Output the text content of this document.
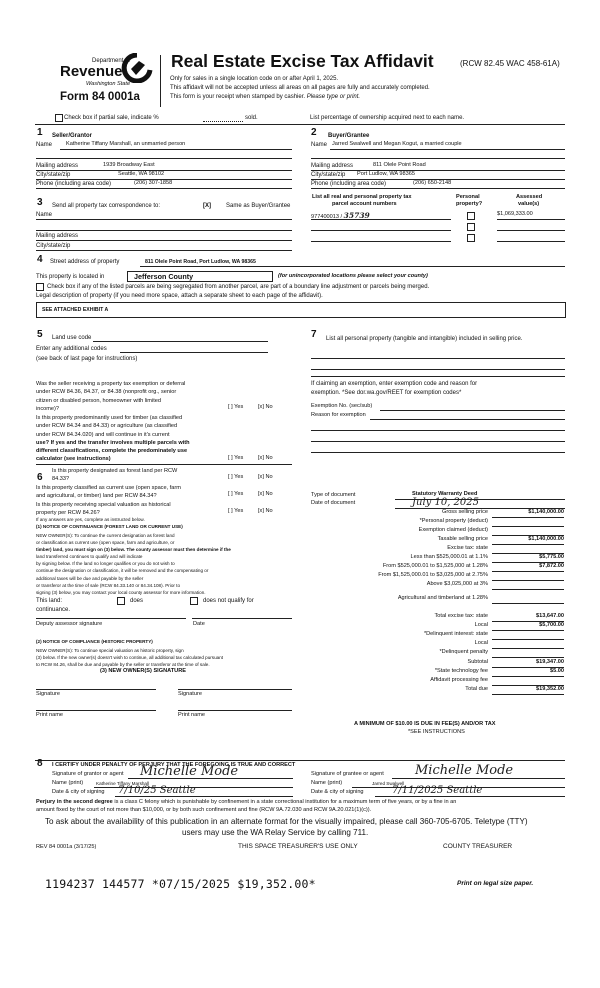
Department of
Revenue
Washington State
Form 84 0001a
Real Estate Excise Tax Affidavit	(RCW 82.45 WAC 458-61A)
Only for sales in a single location code on or after April 1, 2025.
This affidavit will not be accepted unless all areas on all pages are fully and accurately completed.
This form is your receipt when stamped by cashier. Please type or print.
Check box if partial sale, indicate %	sold.	List percentage of ownership acquired next to each name.
1 Seller/Grantor
Name Katherine Tiffany Marshall, an unmarried person
Mailing address	1939 Broadway East
City/state/zip	Seattle, WA 98102
Phone (including area code)	(206) 307-1858
2 Buyer/Grantee
Name Jarred Swalwell and Megan Kogut, a married couple
Mailing address	811 Olele Point Road
City/state/zip Port Ludlow, WA 98365
Phone (including area code)	(206) 650-2148
3 Send all property tax correspondence to:	[X]	Same as Buyer/Grantee
Name
Mailing address
City/state/zip
List all real and personal property tax
parcel account numbers
Personal
property?
Assessed
value(s)
977400013 / 35739	$1,069,333.00
4 Street address of property	811 Olele Point Road, Port Ludlow, WA 98365
This property is located in	Jefferson County	(for unincorporated locations please select your county)
Check box if any of the listed parcels are being segregated from another parcel, are part of a boundary line adjustment or parcels being merged.
Legal description of property (if you need more space, attach a separate sheet to each page of the affidavit).
SEE ATTACHED EXHIBIT A
5 Land use code
Enter any additional codes
(see back of last page for instructions)
7 List all personal property (tangible and intangible) included in selling price.
Was the seller receiving a property tax exemption or deferral
under RCW 84.36, 84.37, or 84.38 (nonprofit org., senior
citizen or disabled person, homeowner with limited
income)?	[ ] Yes	[x] No
Is this property predominantly used for timber (as classified
under RCW 84.34 and 84.33) or agriculture (as classified
under RCW 84.34.020) and will continue in it's current
use? If yes and the transfer involves multiple parcels with
different classifications, complete the predominately use
calculator (see instructions)	[ ] Yes	[x] No
6
Is this property designated as forest land per RCW
84.33?	[ ] Yes	[x] No
Is this property classified as current use (open space, farm
and agricultural, or timber) land per RCW 84.34?	[ ] Yes	[x] No
Is this property receiving special valuation as historical
property per RCW 84.26?	[ ] Yes	[x] No
If any answers are yes, complete as instructed below.
(1) NOTICE OF CONTINUANCE (FOREST LAND OR CURRENT USE)
NEW OWNER(S): To continue the current designation as forest land
or classification as current use (open space, farm and agriculture, or
timber) land, you must sign on (3) below. The county assessor must then determine if the
land transferred continues to qualify and will indicate
by signing below. If the land no longer qualifies or you do not wish to
continue the designation or classification, it will be removed and the compensating or
additional taxes will be due and payable by the seller
or transferor at the time of sale (RCW 84.33.140 or 84.34.108). Prior to
signing (3) below, you may contact your local county assessor for more information.
This land:	does	does not qualify for
continuance.
Deputy assessor signature	Date
(2) NOTICE OF COMPLIANCE (HISTORIC PROPERTY)
NEW OWNER(S): To continue special valuation as historic property, sign
(3) below. If the new owner(s) doesn't wish to continue, all additional tax calculated pursuant
to RCW 84.26, shall be due and payable by the seller or transferor at the time of sale.
(3) NEW OWNER(S) SIGNATURE
Signature	Signature
Print name	Print name
If claiming an exemption, enter exemption code and reason for
exemption. *See dor.wa.gov/REET for exemption codes*
Exemption No. (sec/sub)
Reason for exemption
Type of document	Statutory Warranty Deed
Date of document	July 10, 2025
Gross selling price	$1,140,000.00
*Personal property (deduct)
Exemption claimed (deduct)
Taxable selling price	$1,140,000.00
Excise tax: state
Less than $525,000.01 at 1.1%	$5,775.00
From $525,000.01 to $1,525,000 at 1.28%	$7,872.00
From $1,525,000.01 to $3,025,000 at 2.75%
Above $3,025,000 at 3%
Agricultural and timberland at 1.28%
Total excise tax: state	$13,647.00
Local	$5,700.00
*Delinquent interest: state
Local
*Delinquent penalty
Subtotal	$19,347.00
*State technology fee	$5.00
Affidavit processing fee
Total due	$19,352.00
A MINIMUM OF $10.00 IS DUE IN FEE(S) AND/OR TAX
*SEE INSTRUCTIONS
8 I CERTIFY UNDER PENALTY OF PERJURY THAT THE FOREGOING IS TRUE AND CORRECT
Signature of grantor or agent Michelle Mode
Name (print)	Katherine Tiffany Marshall
Date & city of signing 7/10/25 Seattle
Signature of grantee or agent Michelle Mode
Name (print)	Jarred Swalwell
Date & city of signing	7/11/2025 Seattle
Perjury in the second degree is a class C felony which is punishable by confinement in a state correctional institution for a maximum term of five years, or by a fine in an
amount fixed by the court of not more than $10,000, or by both such confinement and fine (RCW 9A.72.030 and RCW 9A.20.021(1)(c)).
To ask about the availability of this publication in an alternate format for the visually impaired, please call 360-705-6705. Teletype (TTY)
users may use the WA Relay Service by calling 711.
REV 84 0001a (3/17/25)	THIS SPACE TREASURER'S USE ONLY	COUNTY TREASURER
1194237 144577 *07/15/2025 $19,352.00*	Print on legal size paper.
